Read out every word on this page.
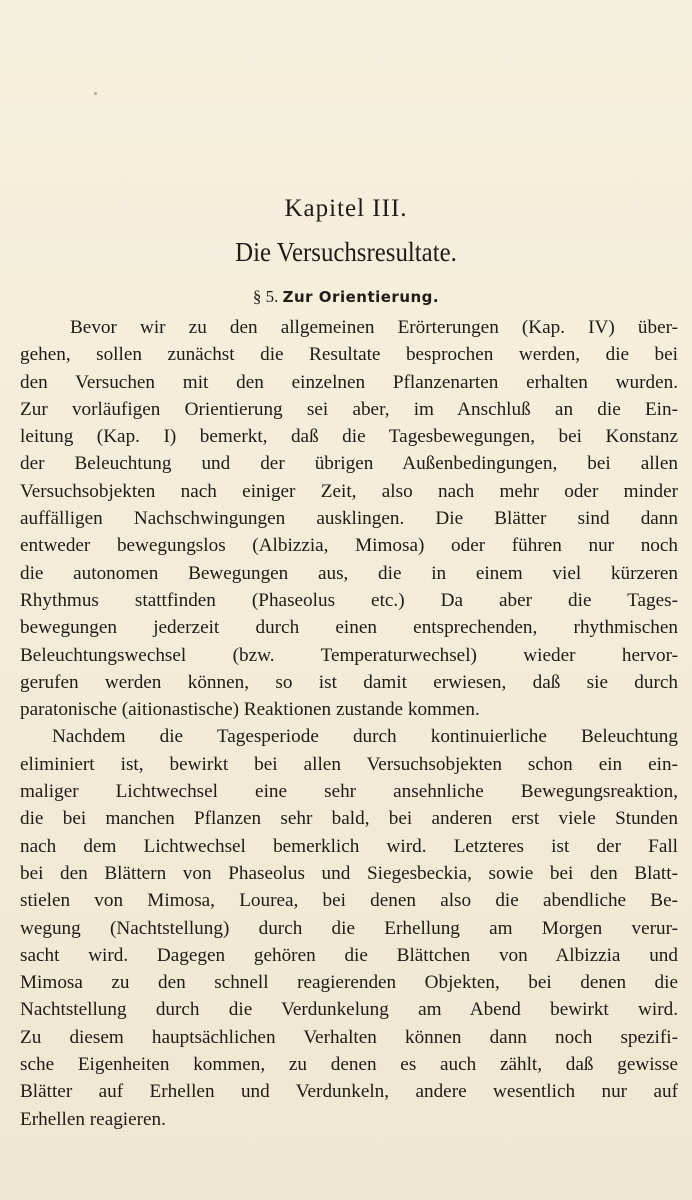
Kapitel III.
Die Versuchsresultate.
§ 5. Zur Orientierung.
Bevor wir zu den allgemeinen Erörterungen (Kap. IV) über-
gehen, sollen zunächst die Resultate besprochen werden, die bei
den Versuchen mit den einzelnen Pflanzenarten erhalten wurden.
Zur vorläufigen Orientierung sei aber, im Anschluß an die Ein-
leitung (Kap. I) bemerkt, daß die Tagesbewegungen, bei Konstanz
der Beleuchtung und der übrigen Außenbedingungen, bei allen
Versuchsobjekten nach einiger Zeit, also nach mehr oder minder
auffälligen Nachschwingungen ausklingen. Die Blätter sind dann
entweder bewegungslos (Albizzia, Mimosa) oder führen nur noch
die autonomen Bewegungen aus, die in einem viel kürzeren
Rhythmus stattfinden (Phaseolus etc.) Da aber die Tages-
bewegungen jederzeit durch einen entsprechenden, rhythmischen
Beleuchtungswechsel (bzw. Temperaturwechsel) wieder hervor-
gerufen werden können, so ist damit erwiesen, daß sie durch
paratonische (aitionastische) Reaktionen zustande kommen.
Nachdem die Tagesperiode durch kontinuierliche Beleuchtung
eliminiert ist, bewirkt bei allen Versuchsobjekten schon ein ein-
maliger Lichtwechsel eine sehr ansehnliche Bewegungsreaktion,
die bei manchen Pflanzen sehr bald, bei anderen erst viele Stunden
nach dem Lichtwechsel bemerklich wird. Letzteres ist der Fall
bei den Blättern von Phaseolus und Siegesbeckia, sowie bei den Blatt-
stielen von Mimosa, Lourea, bei denen also die abendliche Be-
wegung (Nachtstellung) durch die Erhellung am Morgen verur-
sacht wird. Dagegen gehören die Blättchen von Albizzia und
Mimosa zu den schnell reagierenden Objekten, bei denen die
Nachtstellung durch die Verdunkelung am Abend bewirkt wird.
Zu diesem hauptsächlichen Verhalten können dann noch spezifi-
sche Eigenheiten kommen, zu denen es auch zählt, daß gewisse
Blätter auf Erhellen und Verdunkeln, andere wesentlich nur auf
Erhellen reagieren.
